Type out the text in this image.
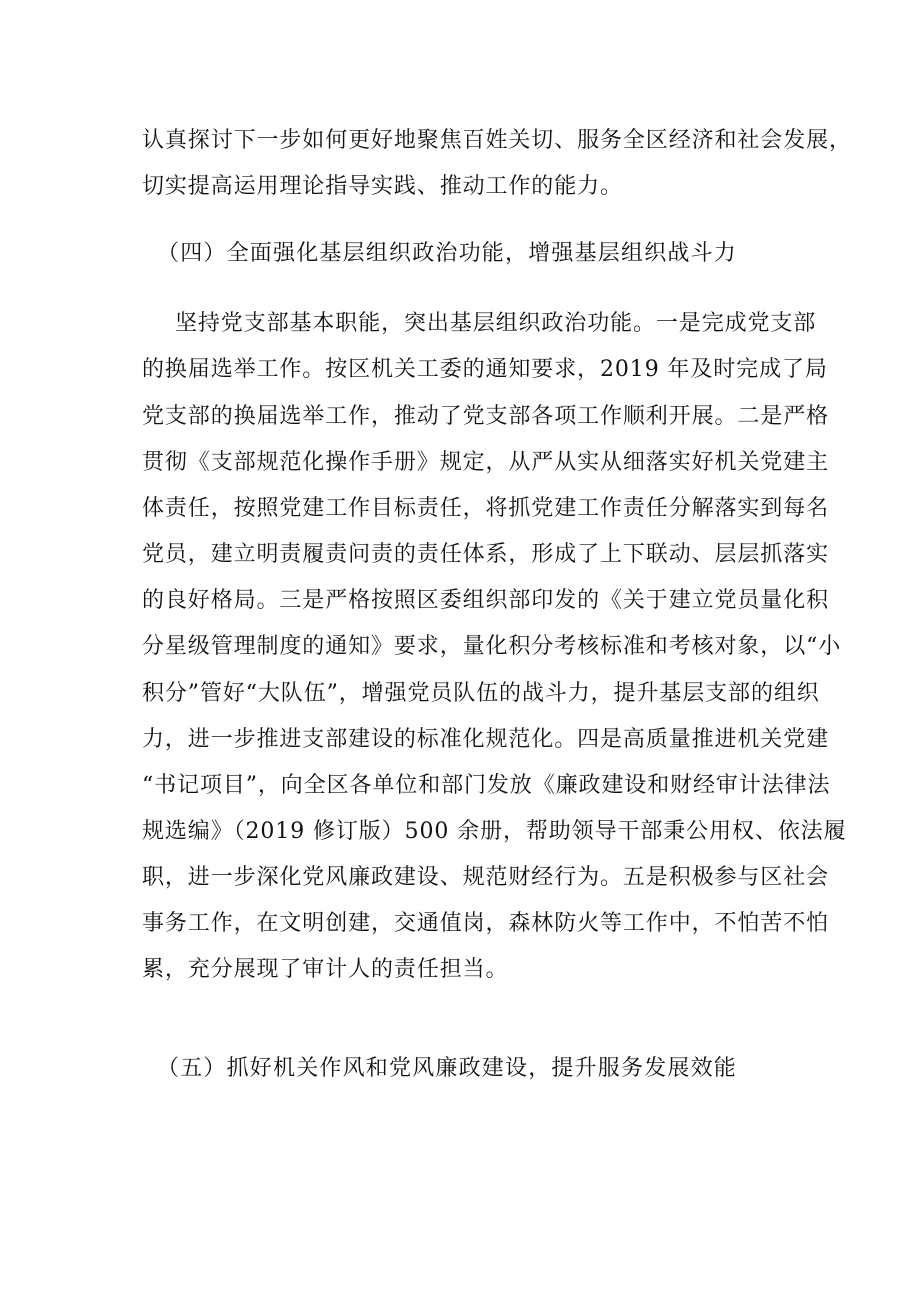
认真探讨下一步如何更好地聚焦百姓关切、服务全区经济和社会发展，
切实提高运用理论指导实践、推动工作的能力。
（四）全面强化基层组织政治功能，增强基层组织战斗力
坚持党支部基本职能，突出基层组织政治功能。一是完成党支部
的换届选举工作。按区机关工委的通知要求，2019 年及时完成了局
党支部的换届选举工作，推动了党支部各项工作顺利开展。二是严格
贯彻《支部规范化操作手册》规定，从严从实从细落实好机关党建主
体责任，按照党建工作目标责任，将抓党建工作责任分解落实到每名
党员，建立明责履责问责的责任体系，形成了上下联动、层层抓落实
的良好格局。三是严格按照区委组织部印发的《关于建立党员量化积
分星级管理制度的通知》要求，量化积分考核标准和考核对象，以“小
积分”管好“大队伍”，增强党员队伍的战斗力，提升基层支部的组织
力，进一步推进支部建设的标准化规范化。四是高质量推进机关党建
“书记项目”，向全区各单位和部门发放《廉政建设和财经审计法律法
规选编》（2019 修订版）500 余册，帮助领导干部秉公用权、依法履
职，进一步深化党风廉政建设、规范财经行为。五是积极参与区社会
事务工作，在文明创建，交通值岗，森林防火等工作中，不怕苦不怕
累，充分展现了审计人的责任担当。
（五）抓好机关作风和党风廉政建设，提升服务发展效能
